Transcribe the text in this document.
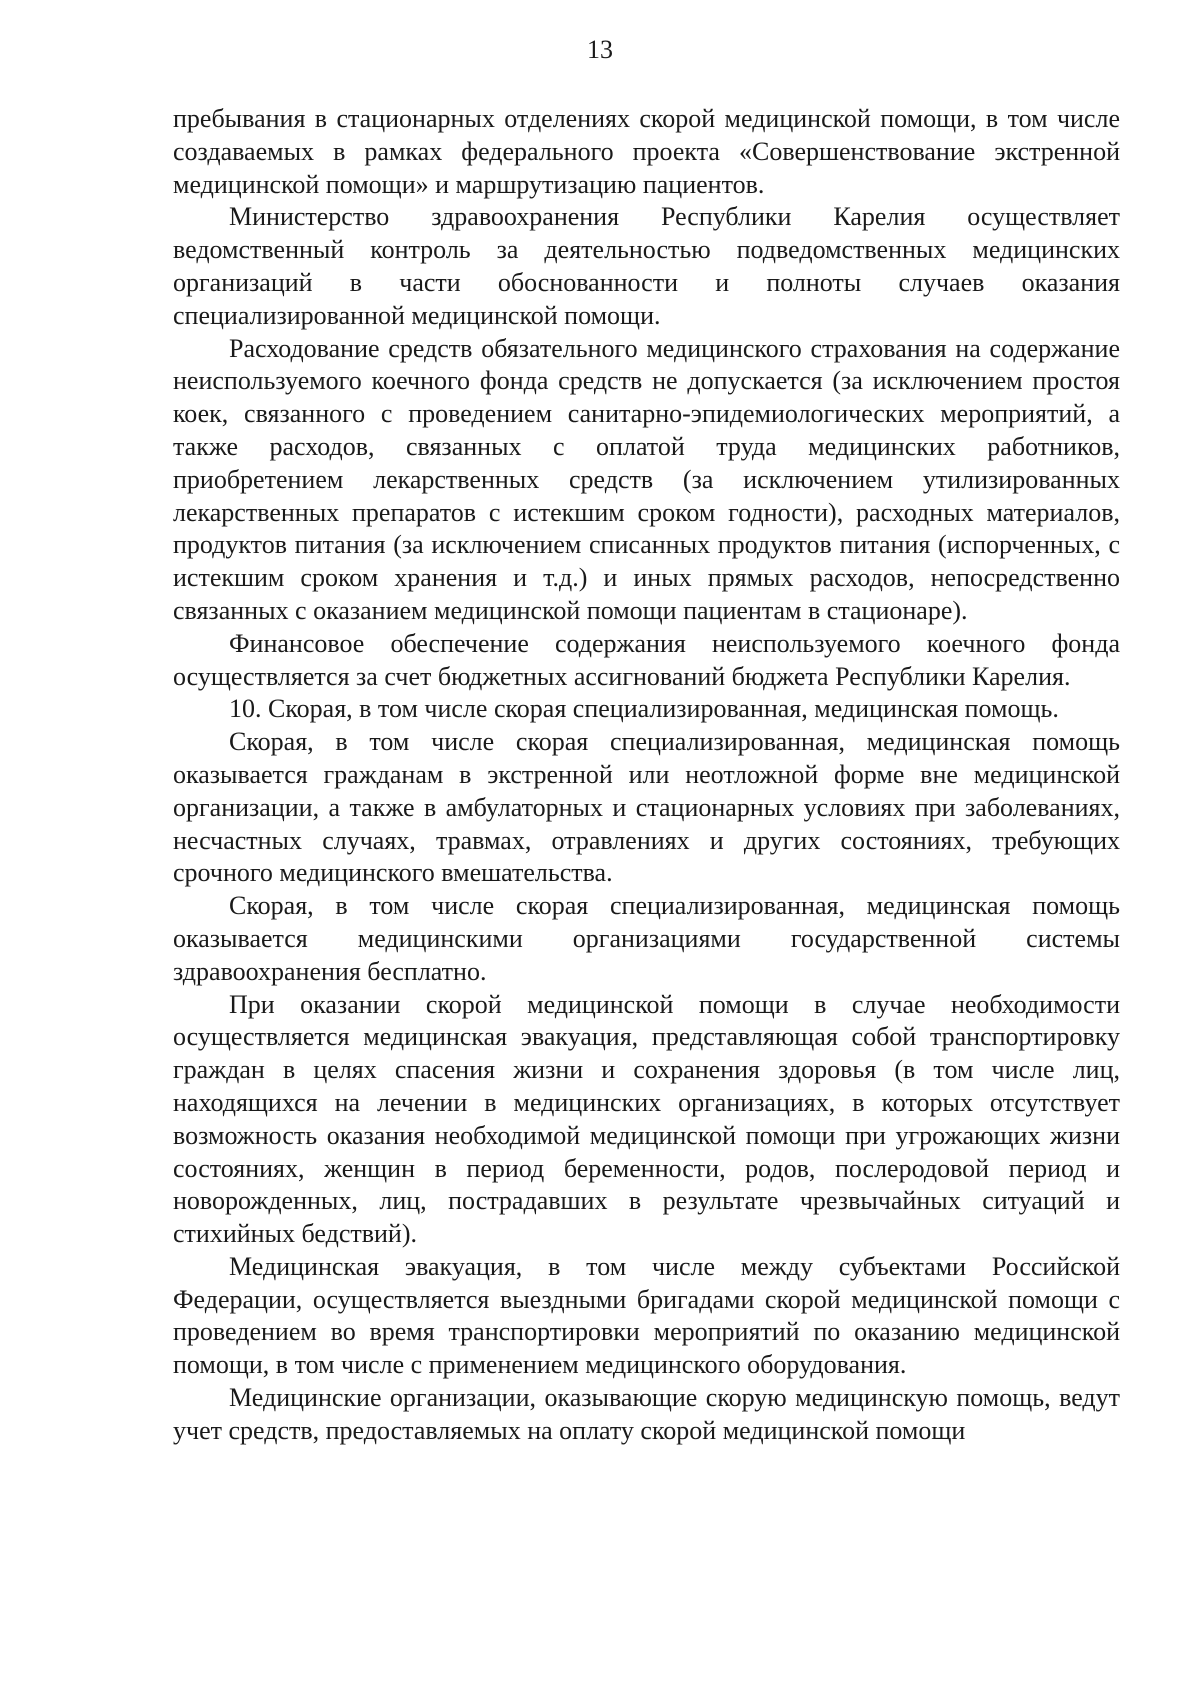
13

пребывания в стационарных отделениях скорой медицинской помощи, в том числе создаваемых в рамках федерального проекта «Совершенствование экстренной медицинской помощи» и маршрутизацию пациентов.

Министерство здравоохранения Республики Карелия осуществляет ведомственный контроль за деятельностью подведомственных медицинских организаций в части обоснованности и полноты случаев оказания специализированной медицинской помощи.

Расходование средств обязательного медицинского страхования на содержание неиспользуемого коечного фонда средств не допускается (за исключением простоя коек, связанного с проведением санитарно-эпидемиологических мероприятий, а также расходов, связанных с оплатой труда медицинских работников, приобретением лекарственных средств (за исключением утилизированных лекарственных препаратов с истекшим сроком годности), расходных материалов, продуктов питания (за исключением списанных продуктов питания (испорченных, с истекшим сроком хранения и т.д.) и иных прямых расходов, непосредственно связанных с оказанием медицинской помощи пациентам в стационаре).

Финансовое обеспечение содержания неиспользуемого коечного фонда осуществляется за счет бюджетных ассигнований бюджета Республики Карелия.

10. Скорая, в том числе скорая специализированная, медицинская помощь.

Скорая, в том числе скорая специализированная, медицинская помощь оказывается гражданам в экстренной или неотложной форме вне медицинской организации, а также в амбулаторных и стационарных условиях при заболеваниях, несчастных случаях, травмах, отравлениях и других состояниях, требующих срочного медицинского вмешательства.

Скорая, в том числе скорая специализированная, медицинская помощь оказывается медицинскими организациями государственной системы здравоохранения бесплатно.

При оказании скорой медицинской помощи в случае необходимости осуществляется медицинская эвакуация, представляющая собой транспортировку граждан в целях спасения жизни и сохранения здоровья (в том числе лиц, находящихся на лечении в медицинских организациях, в которых отсутствует возможность оказания необходимой медицинской помощи при угрожающих жизни состояниях, женщин в период беременности, родов, послеродовой период и новорожденных, лиц, пострадавших в результате чрезвычайных ситуаций и стихийных бедствий).

Медицинская эвакуация, в том числе между субъектами Российской Федерации, осуществляется выездными бригадами скорой медицинской помощи с проведением во время транспортировки мероприятий по оказанию медицинской помощи, в том числе с применением медицинского оборудования.

Медицинские организации, оказывающие скорую медицинскую помощь, ведут учет средств, предоставляемых на оплату скорой медицинской помощи
